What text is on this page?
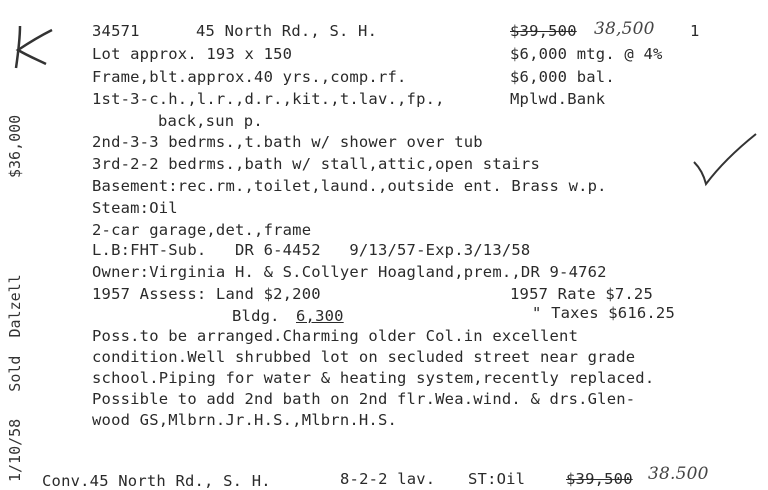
$36,000
1/10/58   Sold  Dalzell
34571	45 North Rd., S. H.	$39,500 38,500 1
Lot approx. 193 x 150	$6,000 mtg. @ 4%
Frame,blt.approx.40 yrs.,comp.rf.	$6,000 bal.
1st-3-c.h.,l.r.,d.r.,kit.,t.lav.,fp.,	Mplwd.Bank
back,sun p.
2nd-3-3 bedrms.,t.bath w/ shower over tub
3rd-2-2 bedrms.,bath w/ stall,attic,open stairs
Basement:rec.rm.,toilet,laund.,outside ent. Brass w.p.
Steam:Oil
2-car garage,det.,frame
L.B:FHT-Sub.   DR 6-4452   9/13/57-Exp.3/13/58
Owner:Virginia H. & S.Collyer Hoagland,prem.,DR 9-4762
1957 Assess: Land $2,200	1957 Rate $7.25
Bldg. 6,300	" Taxes $616.25
Poss.to be arranged.Charming older Col.in excellent
condition.Well shrubbed lot on secluded street near grade
school.Piping for water & heating system,recently replaced.
Possible to add 2nd bath on 2nd flr.Wea.wind. & drs.Glen-
wood GS,Mlbrn.Jr.H.S.,Mlbrn.H.S.
Conv.45 North Rd., S. H.	8-2-2 lav. ST:Oil	$39,500 38.500
